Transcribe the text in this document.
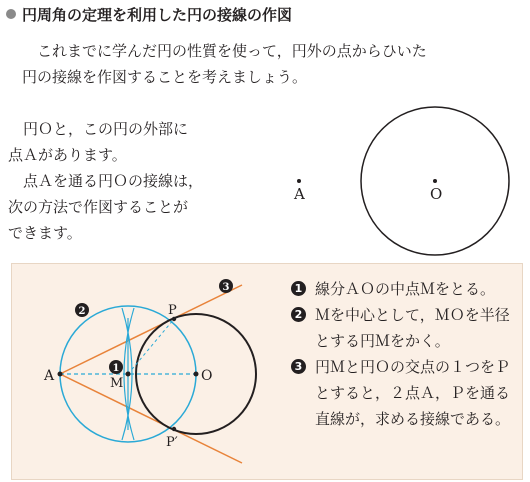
円周角の定理を利用した円の接線の作図
これまでに学んだ円の性質を使って，円外の点からひいた
円の接線を作図することを考えましょう。
円Ｏと，この円の外部に
点Ａがあります。
点Ａを通る円Ｏの接線は，
次の方法で作図することが
できます。
A	O
A	M	O
P
P′
1
2
3	1 線分ＡＯの中点Ｍをとる。
2 Ｍを中心として，ＭＯを半径とする円Ｍをかく。
3 円Ｍと円Ｏの交点の１つをＰとすると，２点Ａ，Ｐを通る直線が，求める接線である。
